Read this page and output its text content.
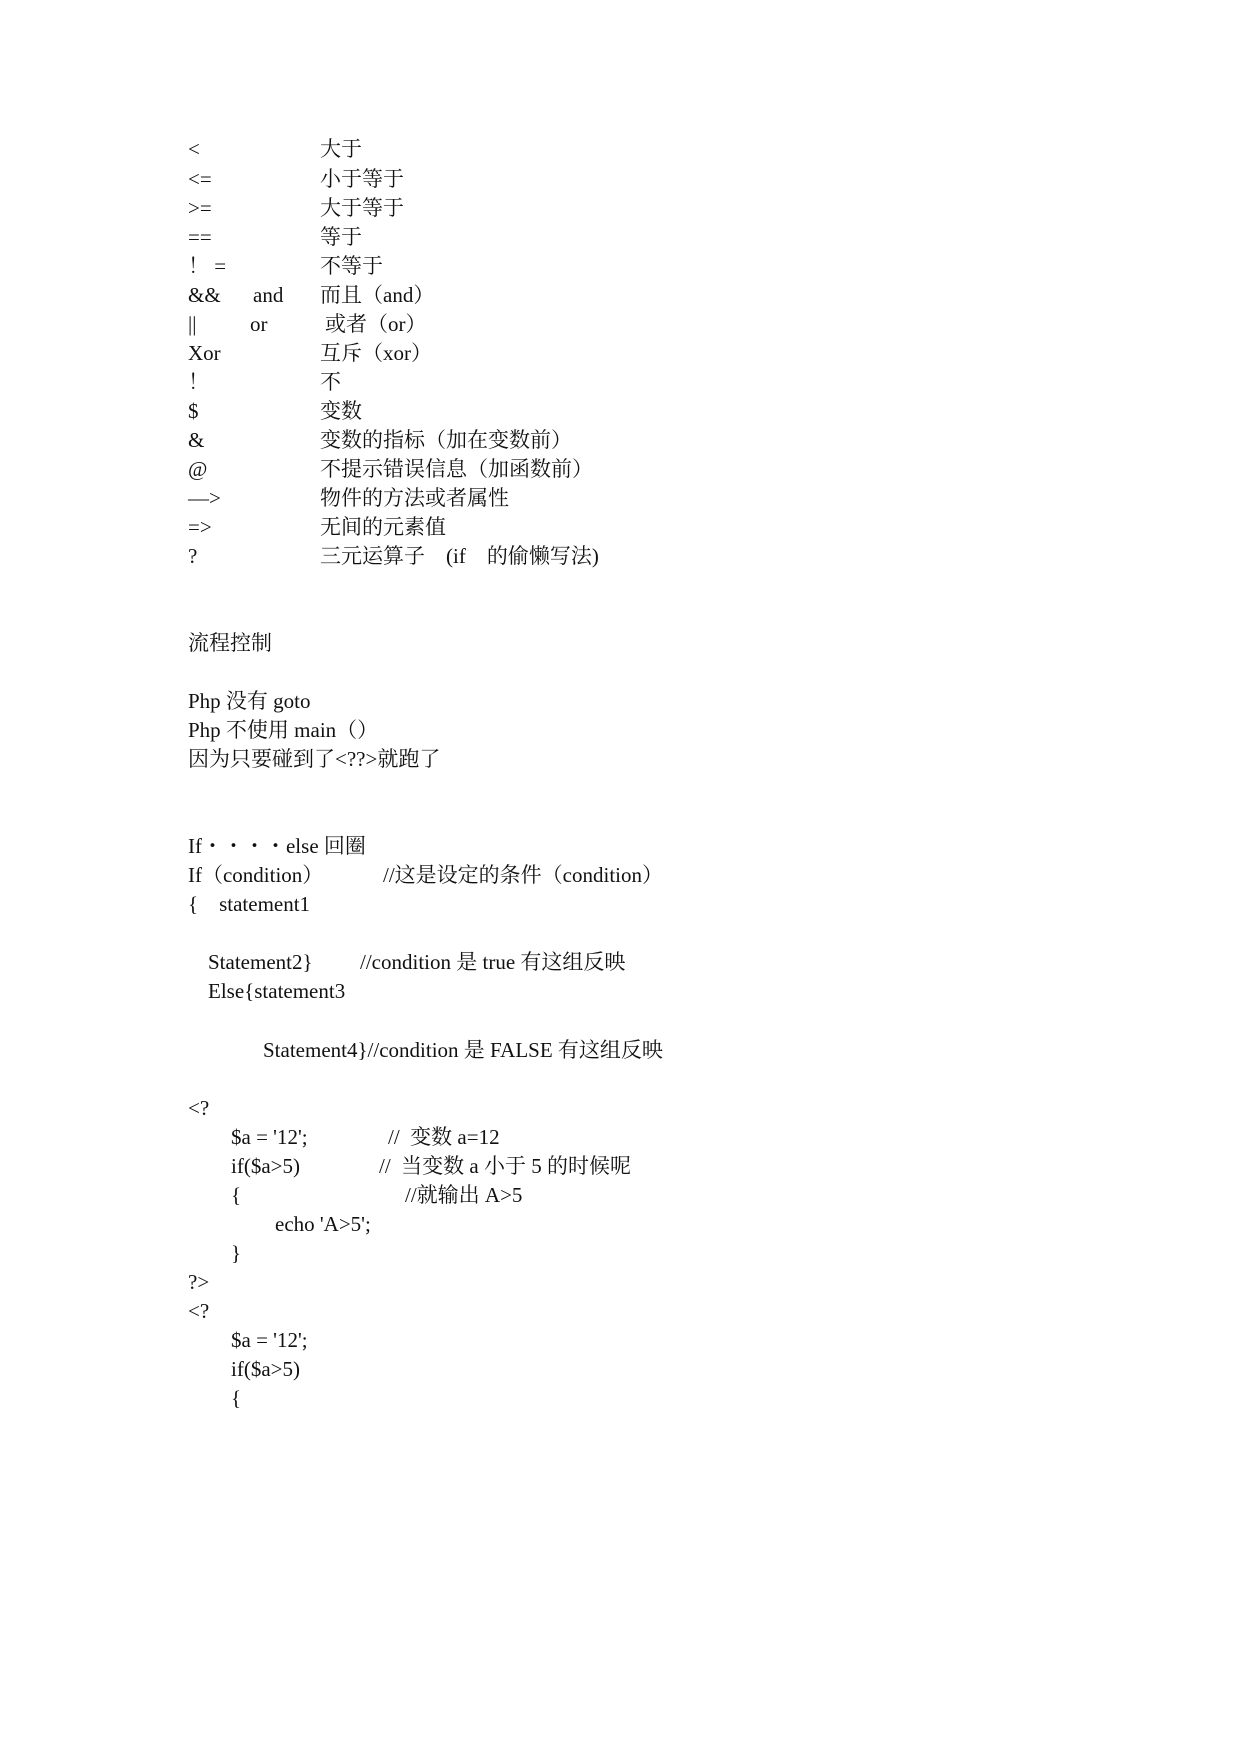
<	大于
<=	小于等于
>=	大于等于
==	等于
！ =	不等于
&& and 而且（and）
||	or	或者（or）
Xor	互斥（xor）
！	不
$	变数
&	变数的指标（加在变数前）
@	不提示错误信息（加函数前）
—>	物件的方法或者属性
=>	无间的元素值
?	三元运算子    (if    的偷懒写法)
流程控制
Php 没有 goto
Php 不使用 main（）
因为只要碰到了<??>就跑了
If・・・・else 回圈
If（condition）	//这是设定的条件（condition）
{    statement1
Statement2} //condition 是 true 有这组反映
Else{statement3
Statement4}//condition 是 FALSE 有这组反映
<?
$a = '12';	//  变数 a=12
if($a>5)	//  当变数 a 小于 5 的时候呢
{	//就输出 A>5
echo 'A>5';
}
?>
<?
$a = '12';
if($a>5)
{
